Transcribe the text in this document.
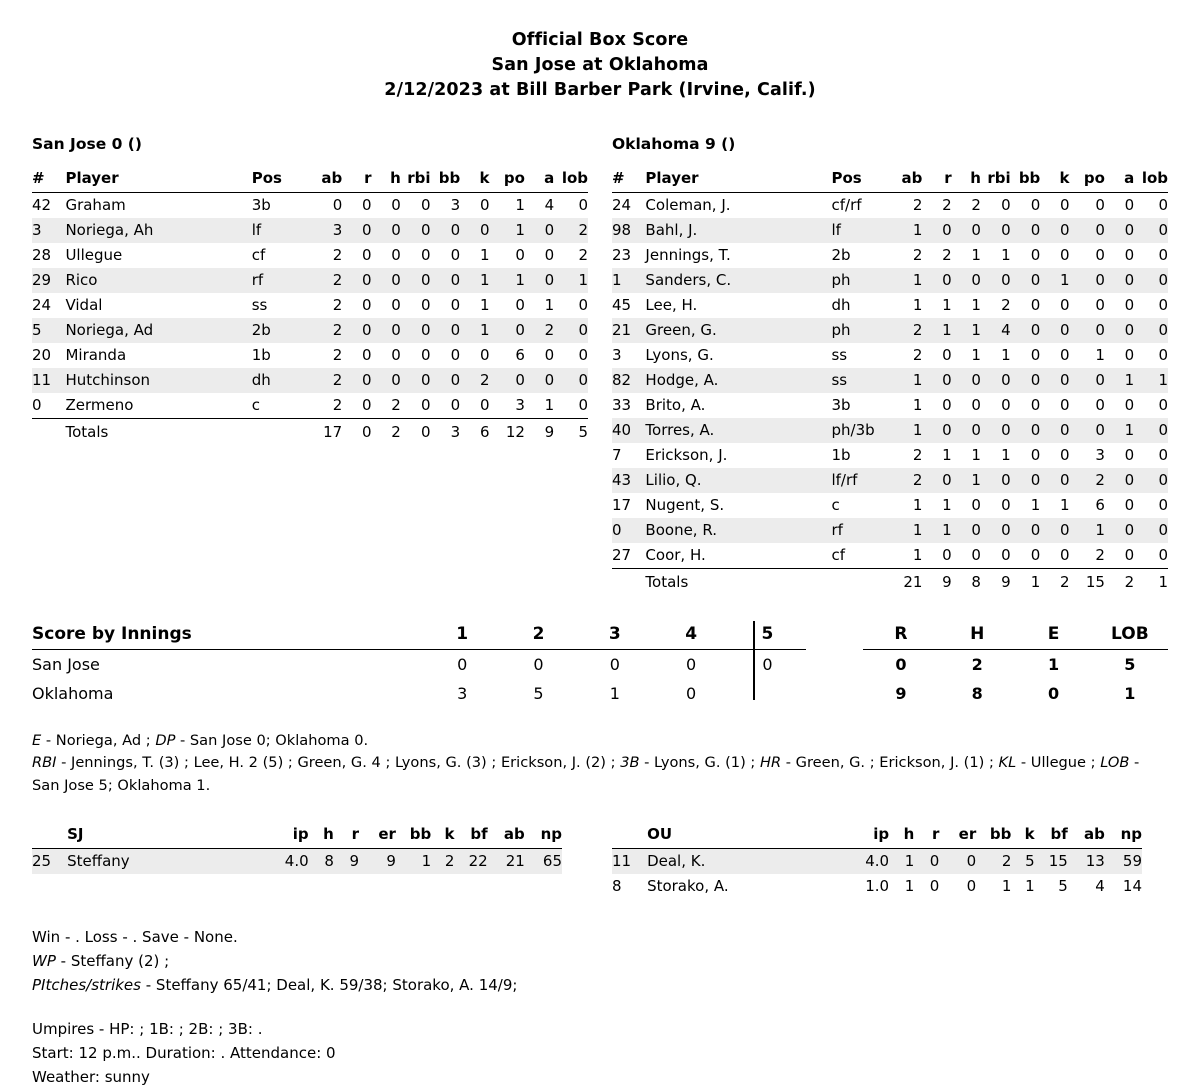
Official Box Score
San Jose at Oklahoma
2/12/2023 at Bill Barber Park (Irvine, Calif.)
San Jose 0 ()
#	Player	Pos	ab	r	h	rbi	bb	k	po	a	lob
42	Graham	3b	0	0	0	0	3	0	1	4	0
3	Noriega, Ah	lf	3	0	0	0	0	0	1	0	2
28	Ullegue	cf	2	0	0	0	0	1	0	0	2
29	Rico	rf	2	0	0	0	0	1	1	0	1
24	Vidal	ss	2	0	0	0	0	1	0	1	0
5	Noriega, Ad	2b	2	0	0	0	0	1	0	2	0
20	Miranda	1b	2	0	0	0	0	0	6	0	0
11	Hutchinson	dh	2	0	0	0	0	2	0	0	0
0	Zermeno	c	2	0	2	0	0	0	3	1	0
	Totals		17	0	2	0	3	6	12	9	5
Oklahoma 9 ()
#	Player	Pos	ab	r	h	rbi	bb	k	po	a	lob
24	Coleman, J.	cf/rf	2	2	2	0	0	0	0	0	0
98	Bahl, J.	lf	1	0	0	0	0	0	0	0	0
23	Jennings, T.	2b	2	2	1	1	0	0	0	0	0
1	Sanders, C.	ph	1	0	0	0	0	1	0	0	0
45	Lee, H.	dh	1	1	1	2	0	0	0	0	0
21	Green, G.	ph	2	1	1	4	0	0	0	0	0
3	Lyons, G.	ss	2	0	1	1	0	0	1	0	0
82	Hodge, A.	ss	1	0	0	0	0	0	0	1	1
33	Brito, A.	3b	1	0	0	0	0	0	0	0	0
40	Torres, A.	ph/3b	1	0	0	0	0	0	0	1	0
7	Erickson, J.	1b	2	1	1	1	0	0	3	0	0
43	Lilio, Q.	lf/rf	2	0	1	0	0	0	2	0	0
17	Nugent, S.	c	1	1	0	0	1	1	6	0	0
0	Boone, R.	rf	1	1	0	0	0	0	1	0	0
27	Coor, H.	cf	1	0	0	0	0	0	2	0	0
	Totals		21	9	8	9	1	2	15	2	1
Score by Innings	1	2	3	4	5		R	H	E	LOB
San Jose	0	0	0	0	0		0	2	1	5
Oklahoma	3	5	1	0			9	8	0	1
E - Noriega, Ad ; DP - San Jose 0; Oklahoma 0.
RBI - Jennings, T. (3) ; Lee, H. 2 (5) ; Green, G. 4 ; Lyons, G. (3) ; Erickson, J. (2) ; 3B - Lyons, G. (1) ; HR - Green, G. ; Erickson, J. (1) ; KL - Ullegue ; LOB - San Jose 5; Oklahoma 1.
	SJ	ip	h	r	er	bb	k	bf	ab	np
25	Steffany	4.0	8	9	9	1	2	22	21	65
	OU	ip	h	r	er	bb	k	bf	ab	np
11	Deal, K.	4.0	1	0	0	2	5	15	13	59
8	Storako, A.	1.0	1	0	0	1	1	5	4	14
Win - . Loss - . Save - None.
WP - Steffany (2) ;
PItches/strikes - Steffany 65/41; Deal, K. 59/38; Storako, A. 14/9;
Umpires - HP: ; 1B: ; 2B: ; 3B: .
Start: 12 p.m.. Duration: . Attendance: 0
Weather: sunny
